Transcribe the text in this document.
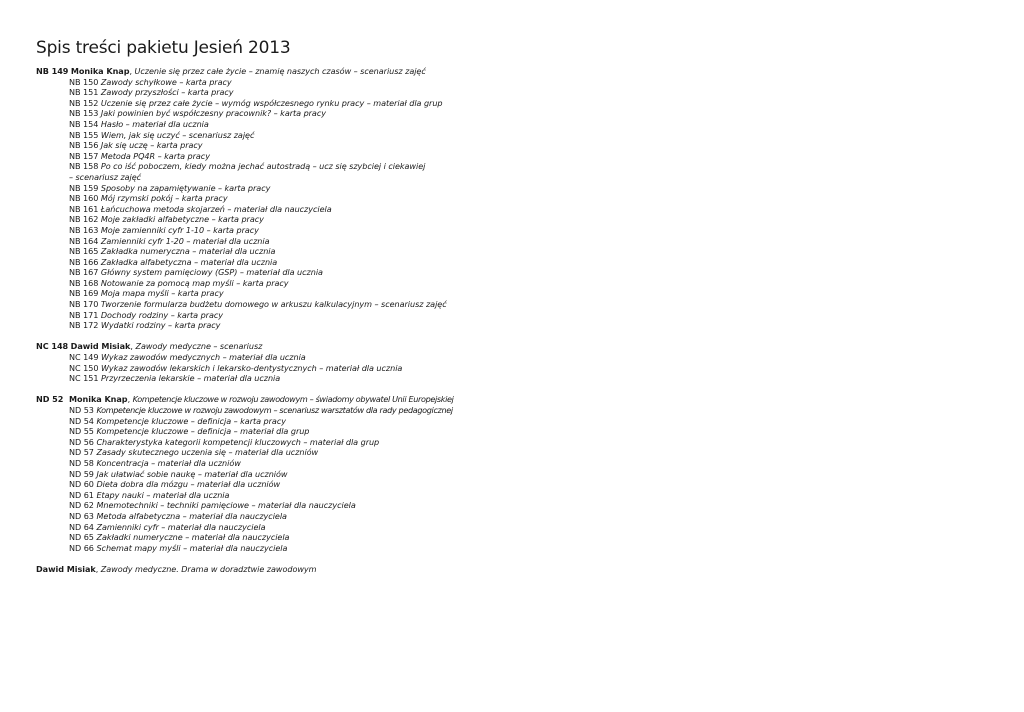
Spis treści pakietu Jesień 2013
NB 149 Monika Knap, Uczenie się przez całe życie – znamię naszych czasów – scenariusz zajęć
NB 150 Zawody schyłkowe – karta pracy
NB 151 Zawody przyszłości – karta pracy
NB 152 Uczenie się przez całe życie – wymóg współczesnego rynku pracy – materiał dla grup
NB 153 Jaki powinien być współczesny pracownik? – karta pracy
NB 154 Hasło – materiał dla ucznia
NB 155 Wiem, jak się uczyć – scenariusz zajęć
NB 156 Jak się uczę – karta pracy
NB 157 Metoda PQ4R – karta pracy
NB 158 Po co iść poboczem, kiedy można jechać autostradą – ucz się szybciej i ciekawiej
– scenariusz zajęć
NB 159 Sposoby na zapamiętywanie – karta pracy
NB 160 Mój rzymski pokój – karta pracy
NB 161 Łańcuchowa metoda skojarzeń – materiał dla nauczyciela
NB 162 Moje zakładki alfabetyczne – karta pracy
NB 163 Moje zamienniki cyfr 1-10 – karta pracy
NB 164 Zamienniki cyfr 1-20 – materiał dla ucznia
NB 165 Zakładka numeryczna – materiał dla ucznia
NB 166 Zakładka alfabetyczna – materiał dla ucznia
NB 167 Główny system pamięciowy (GSP) – materiał dla ucznia
NB 168 Notowanie za pomocą map myśli – karta pracy
NB 169 Moja mapa myśli – karta pracy
NB 170 Tworzenie formularza budżetu domowego w arkuszu kalkulacyjnym – scenariusz zajęć
NB 171 Dochody rodziny – karta pracy
NB 172 Wydatki rodziny – karta pracy
NC 148 Dawid Misiak, Zawody medyczne – scenariusz
NC 149 Wykaz zawodów medycznych – materiał dla ucznia
NC 150 Wykaz zawodów lekarskich i lekarsko-dentystycznych – materiał dla ucznia
NC 151 Przyrzeczenia lekarskie – materiał dla ucznia
ND 52 Monika Knap, Kompetencje kluczowe w rozwoju zawodowym – świadomy obywatel Unii Europejskiej
ND 53 Kompetencje kluczowe w rozwoju zawodowym – scenariusz warsztatów dla rady pedagogicznej
ND 54 Kompetencje kluczowe – definicja – karta pracy
ND 55 Kompetencje kluczowe – definicja – materiał dla grup
ND 56 Charakterystyka kategorii kompetencji kluczowych – materiał dla grup
ND 57 Zasady skutecznego uczenia się – materiał dla uczniów
ND 58 Koncentracja – materiał dla uczniów
ND 59 Jak ułatwiać sobie naukę – materiał dla uczniów
ND 60 Dieta dobra dla mózgu – materiał dla uczniów
ND 61 Etapy nauki – materiał dla ucznia
ND 62 Mnemotechniki – techniki pamięciowe – materiał dla nauczyciela
ND 63 Metoda alfabetyczna – materiał dla nauczyciela
ND 64 Zamienniki cyfr – materiał dla nauczyciela
ND 65 Zakładki numeryczne – materiał dla nauczyciela
ND 66 Schemat mapy myśli – materiał dla nauczyciela
Dawid Misiak, Zawody medyczne. Drama w doradztwie zawodowym
